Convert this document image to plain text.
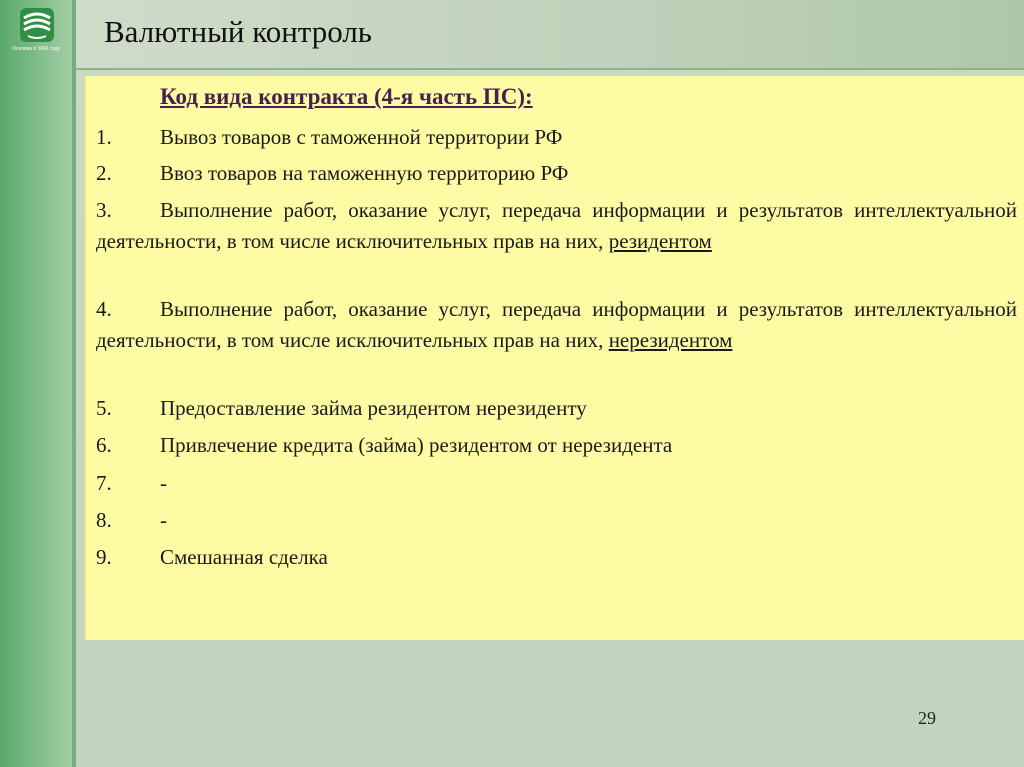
Основан в 1841 году	Валютный контроль
Код вида контракта (4-я часть ПС):
1. Вывоз товаров с таможенной территории РФ
2. Ввоз товаров на таможенную территорию РФ
3. Выполнение работ, оказание услуг, передача информации и результатов интеллектуальной деятельности, в том числе исключительных прав на них, резидентом
4. Выполнение работ, оказание услуг, передача информации и результатов интеллектуальной деятельности, в том числе исключительных прав на них, нерезидентом
5. Предоставление займа резидентом нерезиденту
6. Привлечение кредита (займа) резидентом от нерезидента
7. -
8. -
9. Смешанная сделка
29
